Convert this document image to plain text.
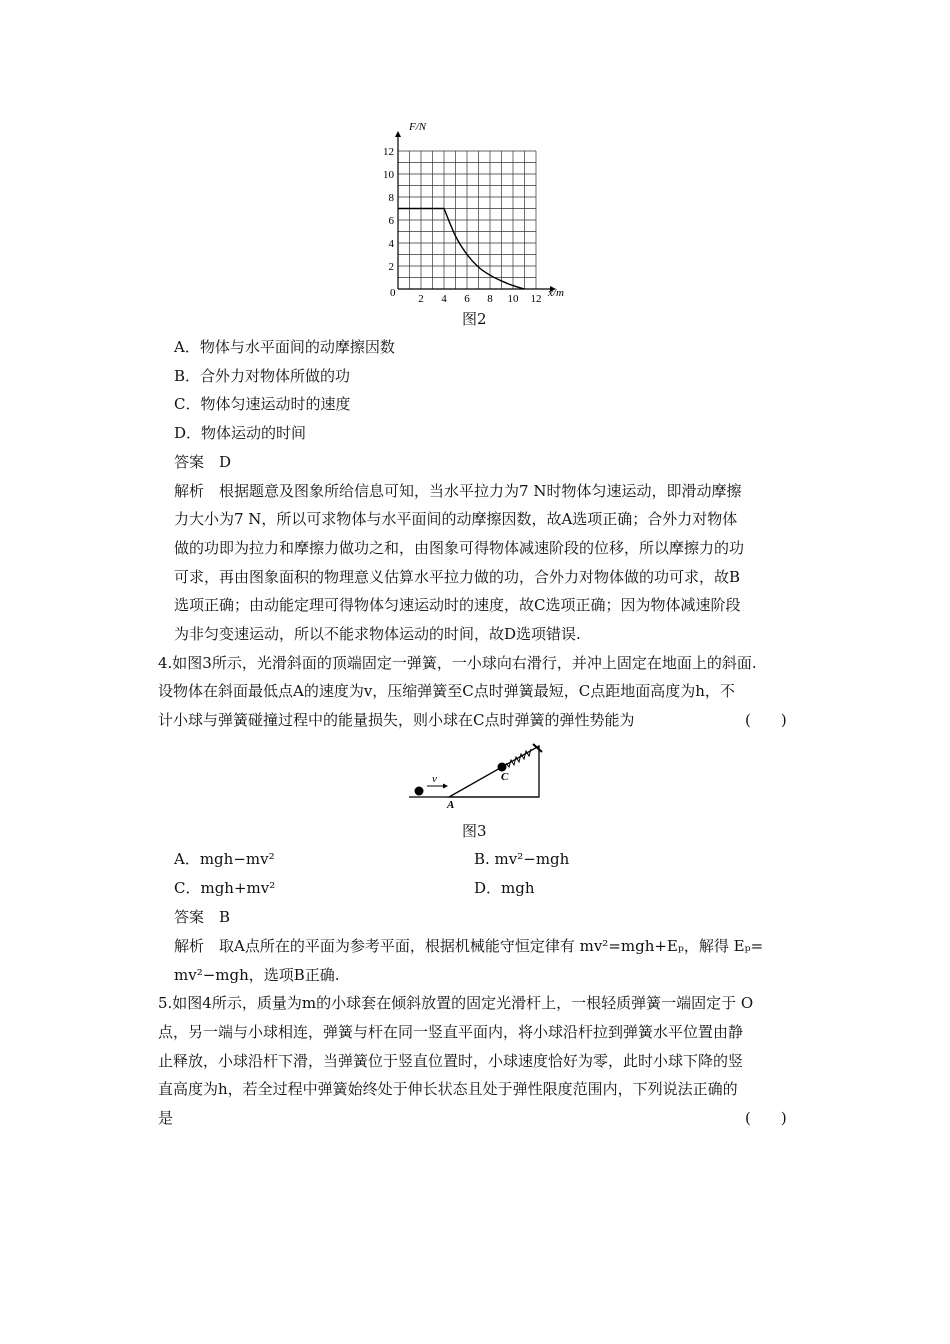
2 4 6 8 10 12
2
4
6
8
10
12
F/N
x/m
0
图2
A．物体与水平面间的动摩擦因数
B．合外力对物体所做的功
C．物体匀速运动时的速度
D．物体运动的时间
答案　D
解析　根据题意及图象所给信息可知，当水平拉力为7 N时物体匀速运动，即滑动摩擦
力大小为7 N，所以可求物体与水平面间的动摩擦因数，故A选项正确；合外力对物体
做的功即为拉力和摩擦力做功之和，由图象可得物体减速阶段的位移，所以摩擦力的功
可求，再由图象面积的物理意义估算水平拉力做的功，合外力对物体做的功可求，故B
选项正确；由动能定理可得物体匀速运动时的速度，故C选项正确；因为物体减速阶段
为非匀变速运动，所以不能求物体运动的时间，故D选项错误.
4.如图3所示，光滑斜面的顶端固定一弹簧，一小球向右滑行，并冲上固定在地面上的斜面.
设物体在斜面最低点A的速度为v，压缩弹簧至C点时弹簧最短，C点距地面高度为h，不
计小球与弹簧碰撞过程中的能量损失，则小球在C点时弹簧的弹性势能为	(　　)
v
A
C
图3
A．mgh−mv²	B. mv²−mgh
C．mgh+mv²	D．mgh
答案　B
解析　取A点所在的平面为参考平面，根据机械能守恒定律有 mv²=mgh+Eₚ，解得 Eₚ=
mv²−mgh，选项B正确.
5.如图4所示，质量为m的小球套在倾斜放置的固定光滑杆上，一根轻质弹簧一端固定于 O
点，另一端与小球相连，弹簧与杆在同一竖直平面内，将小球沿杆拉到弹簧水平位置由静
止释放，小球沿杆下滑，当弹簧位于竖直位置时，小球速度恰好为零，此时小球下降的竖
直高度为h，若全过程中弹簧始终处于伸长状态且处于弹性限度范围内，下列说法正确的
是	(　　)
